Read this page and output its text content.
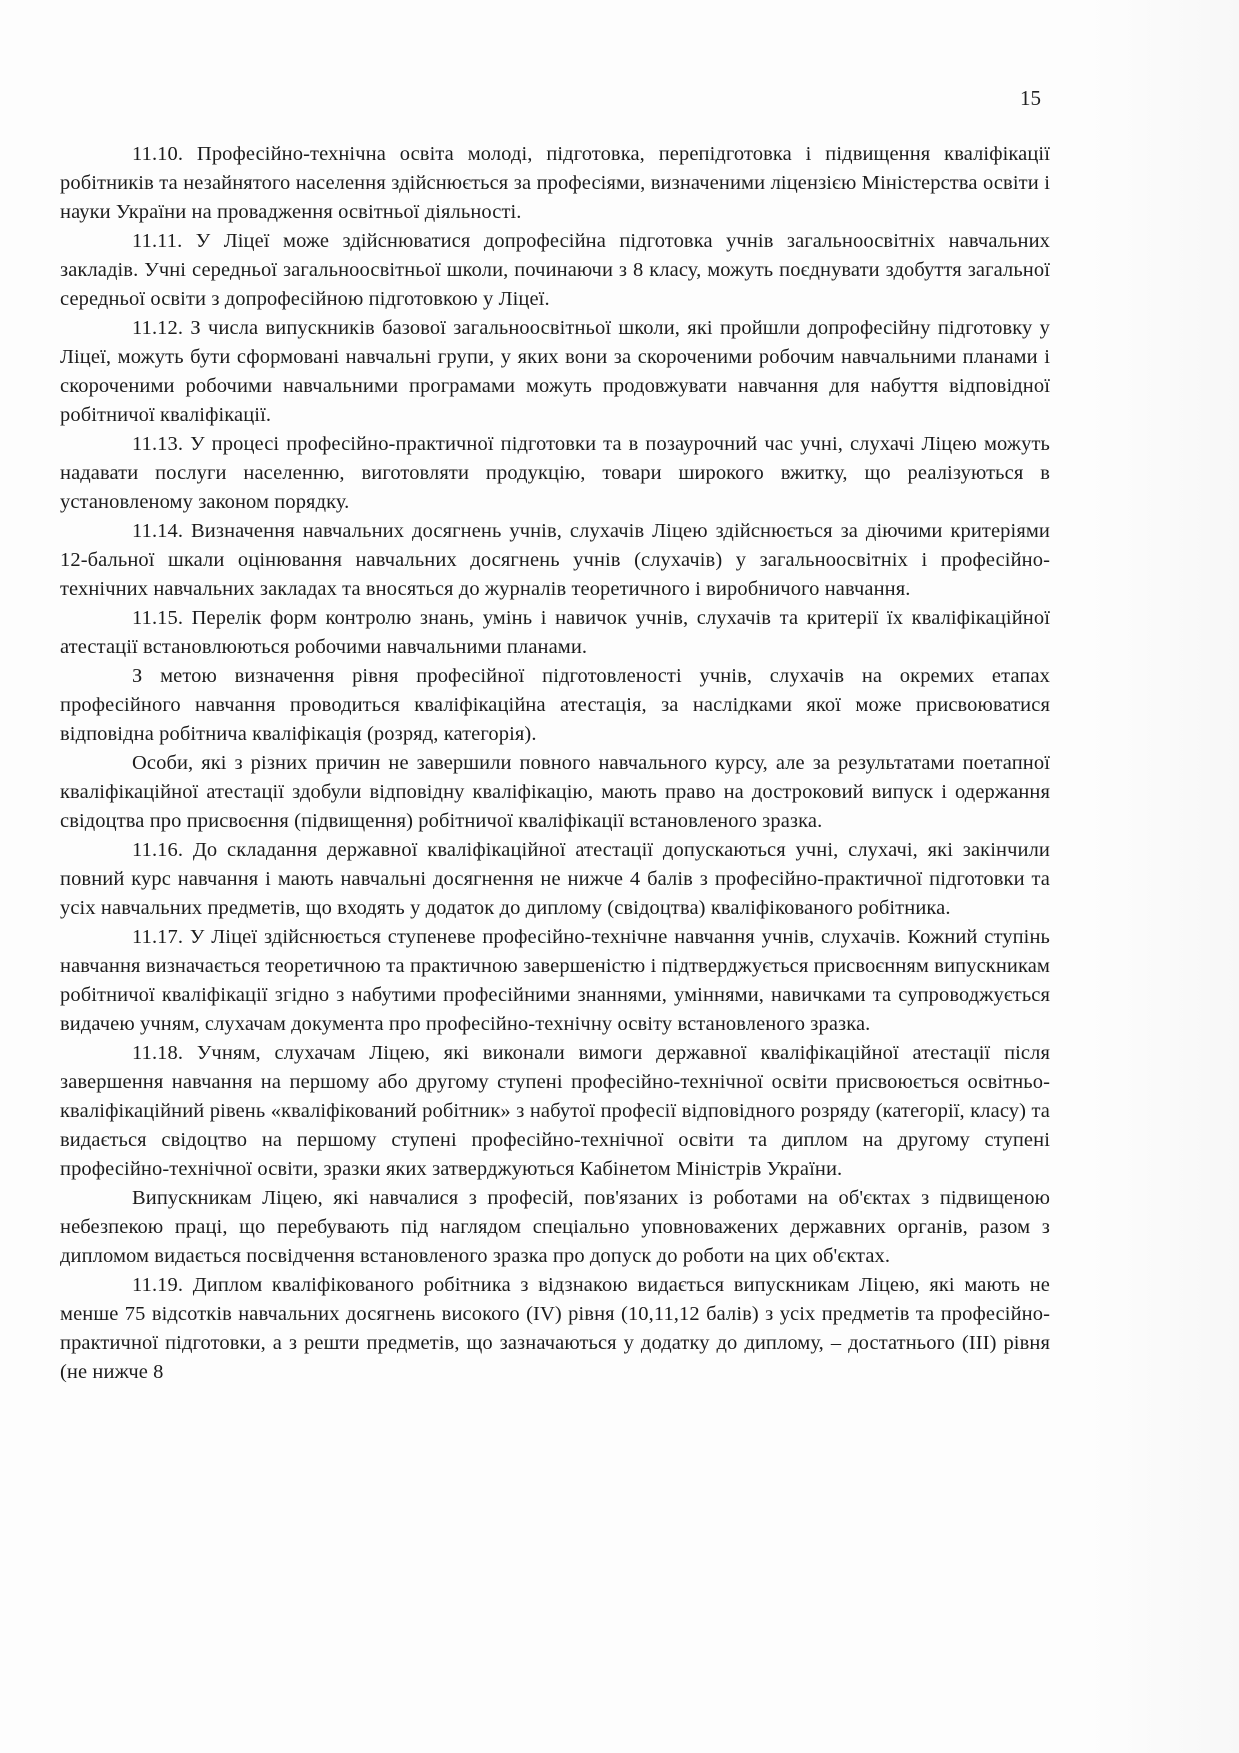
15

11.10. Професійно-технічна освіта молоді, підготовка, перепідготовка і підвищення кваліфікації робітників та незайнятого населення здійснюється за професіями, визначеними ліцензією Міністерства освіти і науки України на провадження освітньої діяльності.

11.11. У Ліцеї може здійснюватися допрофесійна підготовка учнів загальноосвітніх навчальних закладів. Учні середньої загальноосвітньої школи, починаючи з 8 класу, можуть поєднувати здобуття загальної середньої освіти з допрофесійною підготовкою у Ліцеї.

11.12. З числа випускників базової загальноосвітньої школи, які пройшли допрофесійну підготовку у Ліцеї, можуть бути сформовані навчальні групи, у яких вони за скороченими робочим навчальними планами і скороченими робочими навчальними програмами можуть продовжувати навчання для набуття відповідної робітничої кваліфікації.

11.13. У процесі професійно-практичної підготовки та в позаурочний час учні, слухачі Ліцею можуть надавати послуги населенню, виготовляти продукцію, товари широкого вжитку, що реалізуються в установленому законом порядку.

11.14. Визначення навчальних досягнень учнів, слухачів Ліцею здійснюється за діючими критеріями 12-бальної шкали оцінювання навчальних досягнень учнів (слухачів) у загальноосвітніх і професійно-технічних навчальних закладах та вносяться до журналів теоретичного і виробничого навчання.

11.15. Перелік форм контролю знань, умінь і навичок учнів, слухачів та критерії їх кваліфікаційної атестації встановлюються робочими навчальними планами.

З метою визначення рівня професійної підготовленості учнів, слухачів на окремих етапах професійного навчання проводиться кваліфікаційна атестація, за наслідками якої може присвоюватися відповідна робітнича кваліфікація (розряд, категорія).

Особи, які з різних причин не завершили повного навчального курсу, але за результатами поетапної кваліфікаційної атестації здобули відповідну кваліфікацію, мають право на достроковий випуск і одержання свідоцтва про присвоєння (підвищення) робітничої кваліфікації встановленого зразка.

11.16. До складання державної кваліфікаційної атестації допускаються учні, слухачі, які закінчили повний курс навчання і мають навчальні досягнення не нижче 4 балів з професійно-практичної підготовки та усіх навчальних предметів, що входять у додаток до диплому (свідоцтва) кваліфікованого робітника.

11.17. У Ліцеї здійснюється ступеневе професійно-технічне навчання учнів, слухачів. Кожний ступінь навчання визначається теоретичною та практичною завершеністю і підтверджується присвоєнням випускникам робітничої кваліфікації згідно з набутими професійними знаннями, уміннями, навичками та супроводжується видачею учням, слухачам документа про професійно-технічну освіту встановленого зразка.

11.18. Учням, слухачам Ліцею, які виконали вимоги державної кваліфікаційної атестації після завершення навчання на першому або другому ступені професійно-технічної освіти присвоюється освітньо-кваліфікаційний рівень «кваліфікований робітник» з набутої професії відповідного розряду (категорії, класу) та видається свідоцтво на першому ступені професійно-технічної освіти та диплом на другому ступені професійно-технічної освіти, зразки яких затверджуються Кабінетом Міністрів України.

Випускникам Ліцею, які навчалися з професій, пов'язаних із роботами на об'єктах з підвищеною небезпекою праці, що перебувають під наглядом спеціально уповноважених державних органів, разом з дипломом видається посвідчення встановленого зразка про допуск до роботи на цих об'єктах.

11.19. Диплом кваліфікованого робітника з відзнакою видається випускникам Ліцею, які мають не менше 75 відсотків навчальних досягнень високого (IV) рівня (10,11,12 балів) з усіх предметів та професійно-практичної підготовки, а з решти предметів, що зазначаються у додатку до диплому, – достатнього (III) рівня (не нижче 8
